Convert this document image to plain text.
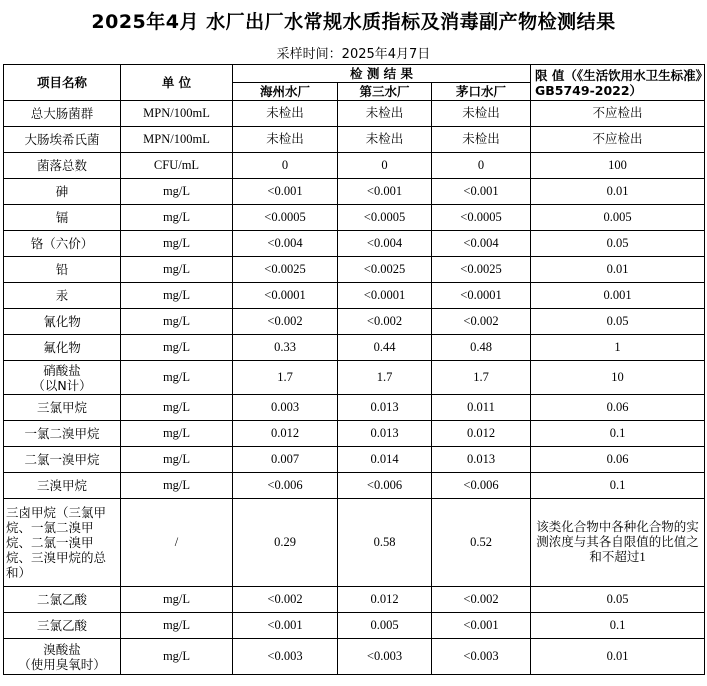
2025年4月 水厂出厂水常规水质指标及消毒副产物检测结果
采样时间：2025年4月7日
项目名称	单 位	检 测 结 果			限 值（《生活饮用水卫生标准》GB5749-2022）
		海州水厂	第三水厂	茅口水厂	
总大肠菌群	MPN/100mL	未检出	未检出	未检出	不应检出
大肠埃希氏菌	MPN/100mL	未检出	未检出	未检出	不应检出
菌落总数	CFU/mL	0	0	0	100
砷	mg/L	<0.001	<0.001	<0.001	0.01
镉	mg/L	<0.0005	<0.0005	<0.0005	0.005
铬（六价）	mg/L	<0.004	<0.004	<0.004	0.05
铅	mg/L	<0.0025	<0.0025	<0.0025	0.01
汞	mg/L	<0.0001	<0.0001	<0.0001	0.001
氰化物	mg/L	<0.002	<0.002	<0.002	0.05
氟化物	mg/L	0.33	0.44	0.48	1
硝酸盐
（以N计）	mg/L	1.7	1.7	1.7	10
三氯甲烷	mg/L	0.003	0.013	0.011	0.06
一氯二溴甲烷	mg/L	0.012	0.013	0.012	0.1
二氯一溴甲烷	mg/L	0.007	0.014	0.013	0.06
三溴甲烷	mg/L	<0.006	<0.006	<0.006	0.1
三卤甲烷（三氯甲烷、一氯二溴甲烷、二氯一溴甲烷、三溴甲烷的总和）	/	0.29	0.58	0.52	该类化合物中各种化合物的实测浓度与其各自限值的比值之和不超过1
二氯乙酸	mg/L	<0.002	0.012	<0.002	0.05
三氯乙酸	mg/L	<0.001	0.005	<0.001	0.1
溴酸盐
（使用臭氧时）	mg/L	<0.003	<0.003	<0.003	0.01
